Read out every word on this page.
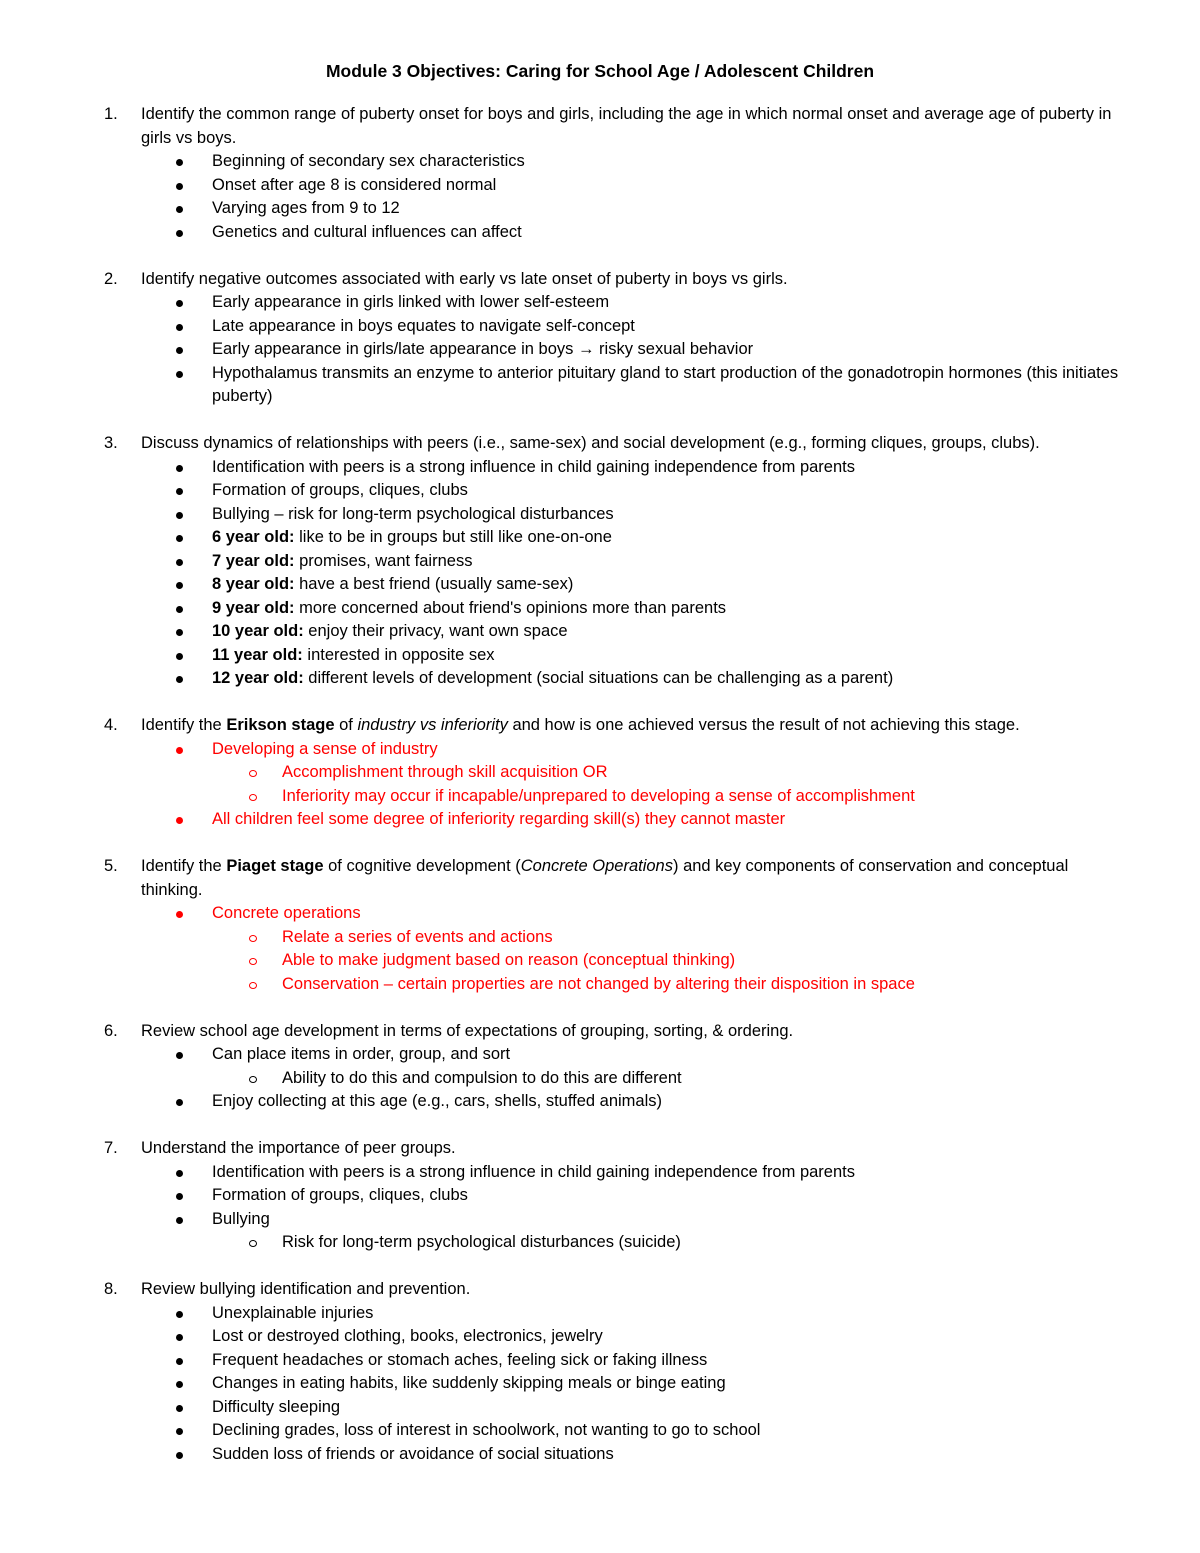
Module 3 Objectives: Caring for School Age / Adolescent Children
1.	Identify the common range of puberty onset for boys and girls, including the age in which normal onset and average age of puberty in girls vs boys.
Beginning of secondary sex characteristics
Onset after age 8 is considered normal
Varying ages from 9 to 12
Genetics and cultural influences can affect
2.	Identify negative outcomes associated with early vs late onset of puberty in boys vs girls.
Early appearance in girls linked with lower self-esteem
Late appearance in boys equates to navigate self-concept
Early appearance in girls/late appearance in boys → risky sexual behavior
Hypothalamus transmits an enzyme to anterior pituitary gland to start production of the gonadotropin hormones (this initiates puberty)
3.	Discuss dynamics of relationships with peers (i.e., same-sex) and social development (e.g., forming cliques, groups, clubs).
Identification with peers is a strong influence in child gaining independence from parents
Formation of groups, cliques, clubs
Bullying – risk for long-term psychological disturbances
6 year old: like to be in groups but still like one-on-one
7 year old: promises, want fairness
8 year old: have a best friend (usually same-sex)
9 year old: more concerned about friend's opinions more than parents
10 year old: enjoy their privacy, want own space
11 year old: interested in opposite sex
12 year old: different levels of development (social situations can be challenging as a parent)
4.	Identify the Erikson stage of industry vs inferiority and how is one achieved versus the result of not achieving this stage.
Developing a sense of industry
Accomplishment through skill acquisition OR
Inferiority may occur if incapable/unprepared to developing a sense of accomplishment
All children feel some degree of inferiority regarding skill(s) they cannot master
5.	Identify the Piaget stage of cognitive development (Concrete Operations) and key components of conservation and conceptual thinking.
Concrete operations
Relate a series of events and actions
Able to make judgment based on reason (conceptual thinking)
Conservation – certain properties are not changed by altering their disposition in space
6.	Review school age development in terms of expectations of grouping, sorting, & ordering.
Can place items in order, group, and sort
Ability to do this and compulsion to do this are different
Enjoy collecting at this age (e.g., cars, shells, stuffed animals)
7.	Understand the importance of peer groups.
Identification with peers is a strong influence in child gaining independence from parents
Formation of groups, cliques, clubs
Bullying
Risk for long-term psychological disturbances (suicide)
8.	Review bullying identification and prevention.
Unexplainable injuries
Lost or destroyed clothing, books, electronics, jewelry
Frequent headaches or stomach aches, feeling sick or faking illness
Changes in eating habits, like suddenly skipping meals or binge eating
Difficulty sleeping
Declining grades, loss of interest in schoolwork, not wanting to go to school
Sudden loss of friends or avoidance of social situations
